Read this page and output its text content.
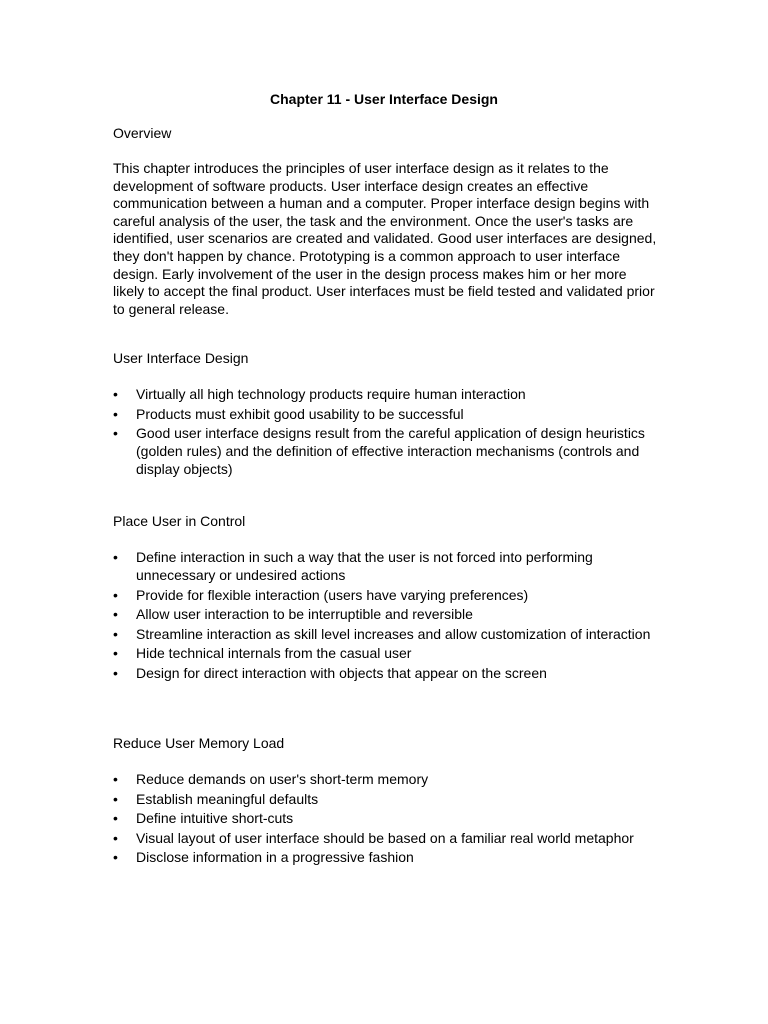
Chapter 11 - User Interface Design
Overview
This chapter introduces the principles of user interface design as it relates to the development of software products. User interface design creates an effective communication between a human and a computer. Proper interface design begins with careful analysis of the user, the task and the environment. Once the user's tasks are identified, user scenarios are created and validated. Good user interfaces are designed, they don't happen by chance. Prototyping is a common approach to user interface design. Early involvement of the user in the design process makes him or her more likely to accept the final product. User interfaces must be field tested and validated prior to general release.
User Interface Design
•	Virtually all high technology products require human interaction
•	Products must exhibit good usability to be successful
•	Good user interface designs result from the careful application of design heuristics (golden rules) and the definition of effective interaction mechanisms (controls and display objects)
Place User in Control
•	Define interaction in such a way that the user is not forced into performing unnecessary or undesired actions
•	Provide for flexible interaction (users have varying preferences)
•	Allow user interaction to be interruptible and reversible
•	Streamline interaction as skill level increases and allow customization of interaction
•	Hide technical internals from the casual user
•	Design for direct interaction with objects that appear on the screen
Reduce User Memory Load
•	Reduce demands on user's short-term memory
•	Establish meaningful defaults
•	Define intuitive short-cuts
•	Visual layout of user interface should be based on a familiar real world metaphor
•	Disclose information in a progressive fashion
